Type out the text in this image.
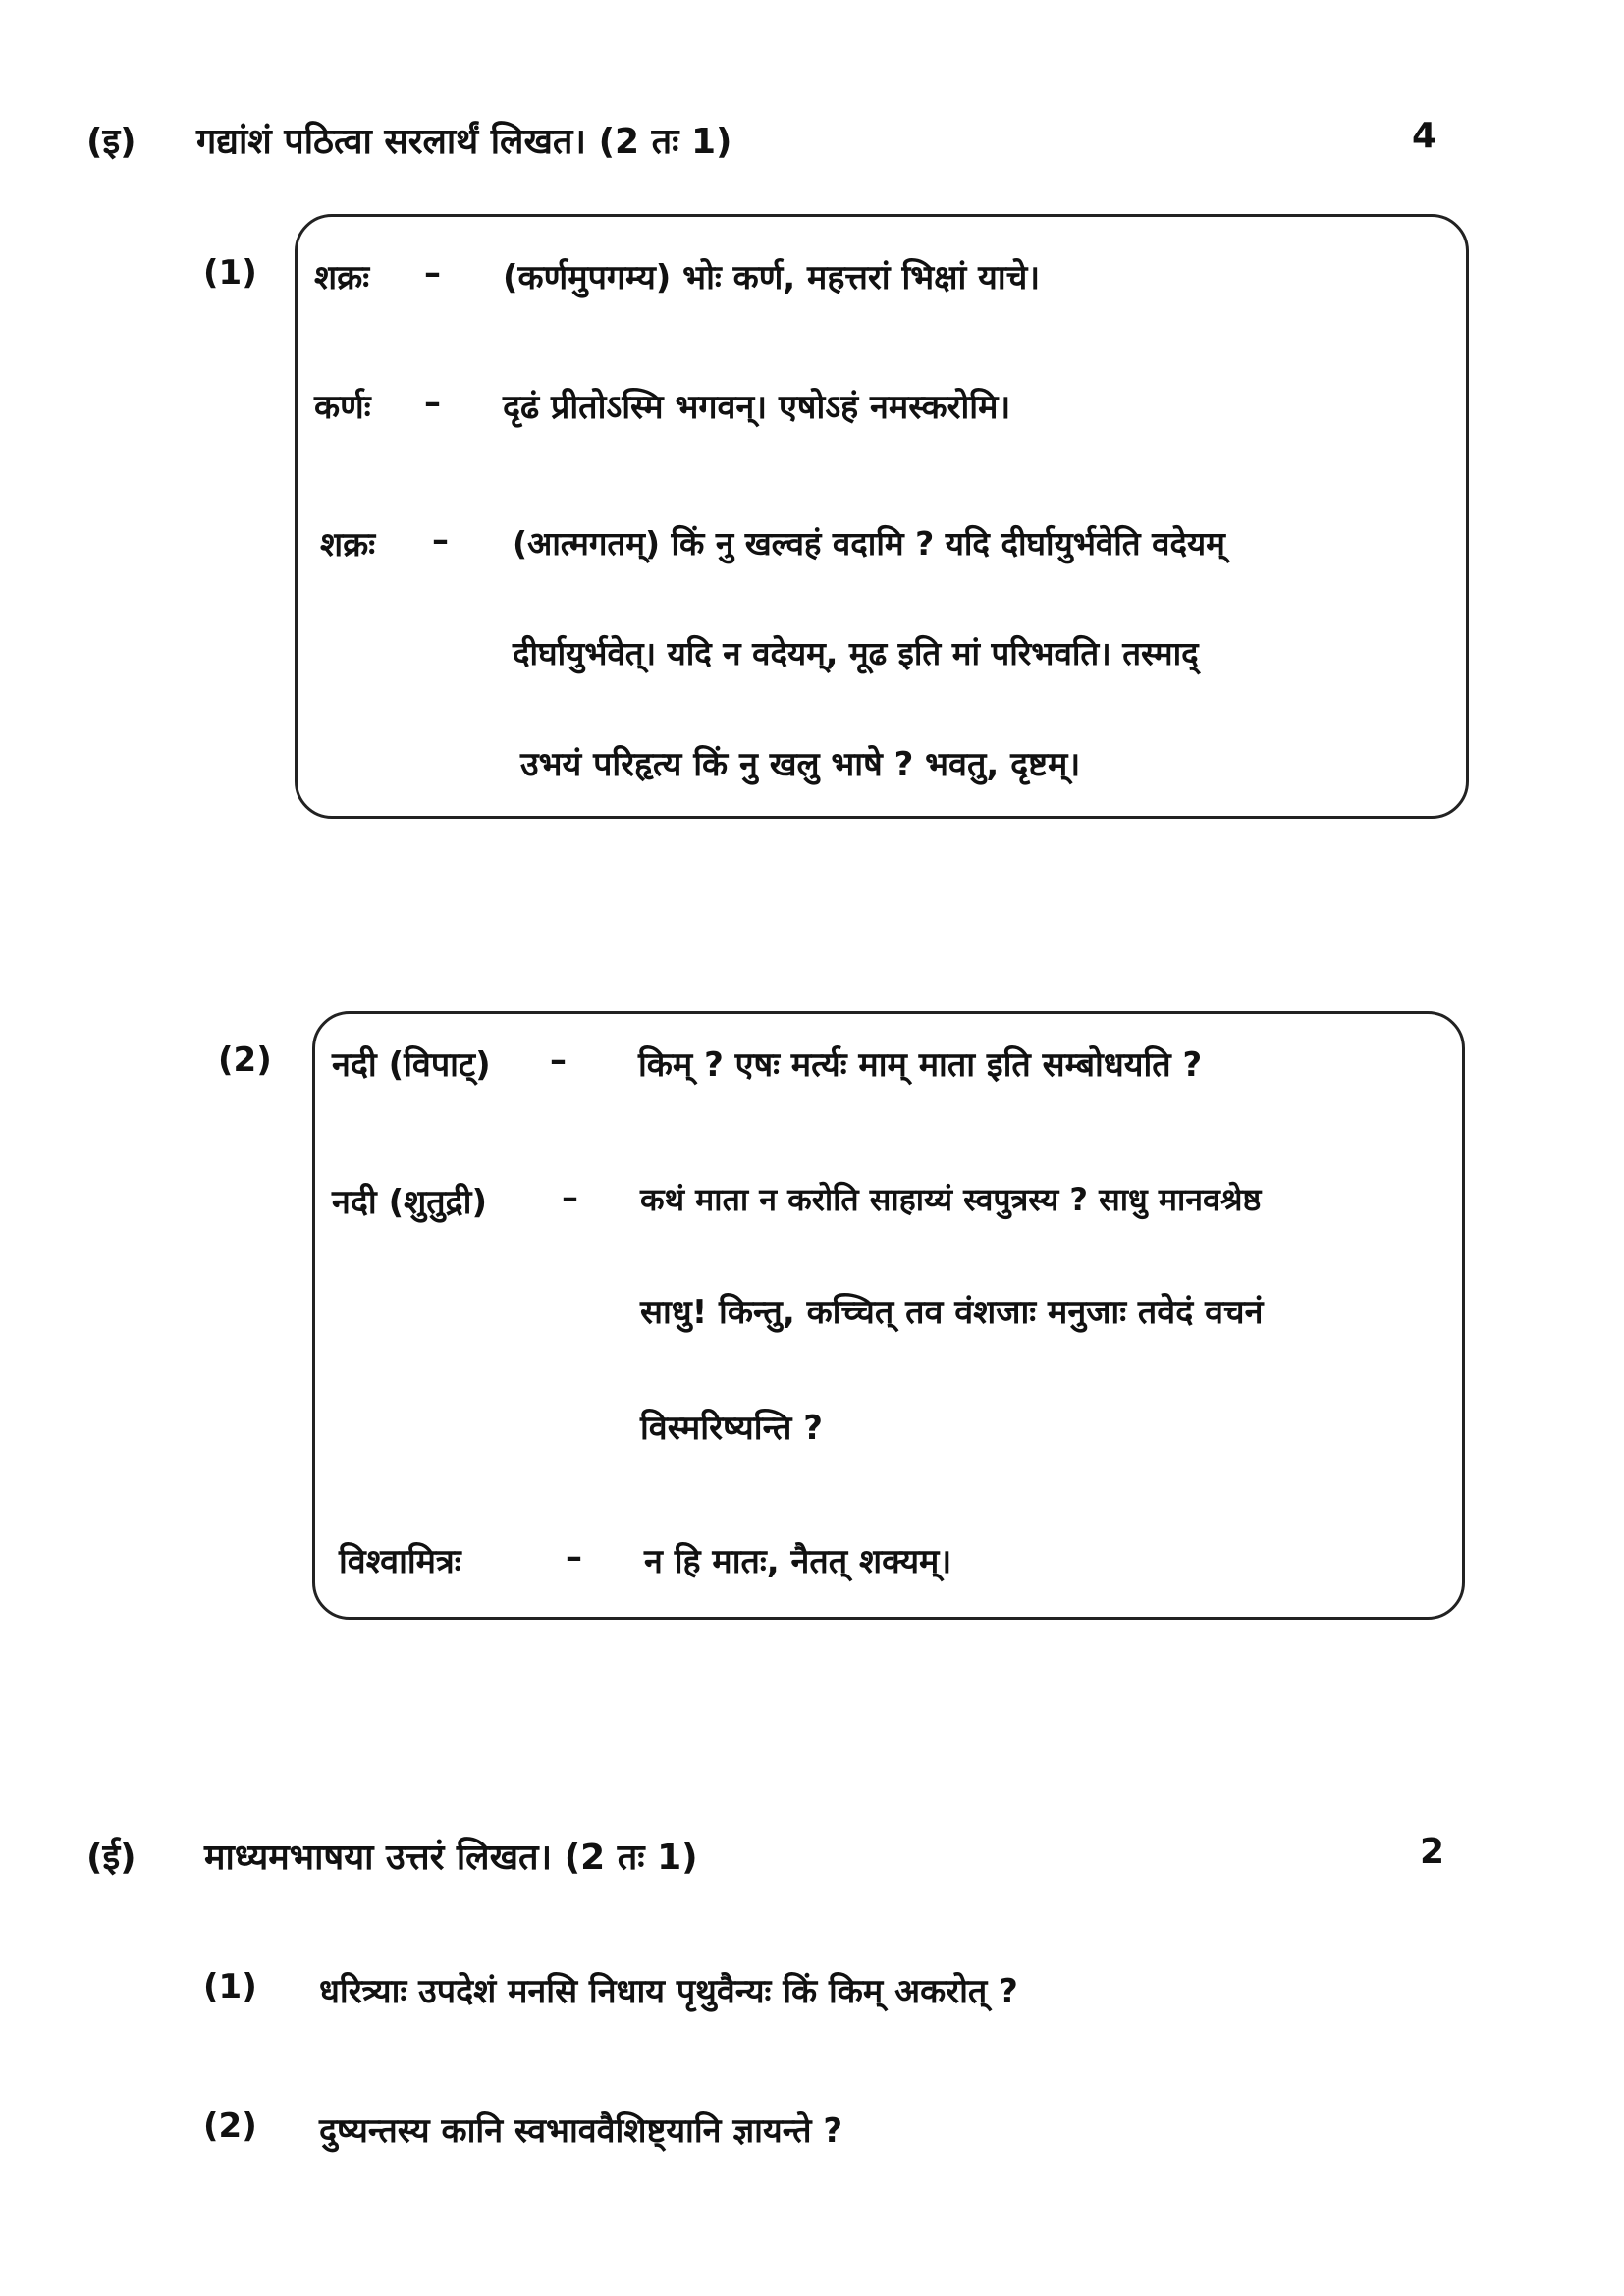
(इ) गद्यांशं पठित्वा सरलार्थं लिखत। (2 तः 1)	4
(1) शक्रः – (कर्णमुपगम्य) भोः कर्ण, महत्तरां भिक्षां याचे।
कर्णः – दृढं प्रीतोऽस्मि भगवन्। एषोऽहं नमस्करोमि।
शक्रः – (आत्मगतम्) किं नु खल्वहं वदामि ? यदि दीर्घायुर्भवेति वदेयम्
दीर्घायुर्भवेत्। यदि न वदेयम्, मूढ इति मां परिभवति। तस्माद्
उभयं परिहृत्य किं नु खलु भाषे ? भवतु, दृष्टम्।
(2) नदी (विपाट्) – किम् ? एषः मर्त्यः माम् माता इति सम्बोधयति ?
नदी (शुतुद्री) – कथं माता न करोति साहाय्यं स्वपुत्रस्य ? साधु मानवश्रेष्ठ
साधु! किन्तु, कच्चित् तव वंशजाः मनुजाः तवेदं वचनं
विस्मरिष्यन्ति ?
विश्वामित्रः	– न हि मातः, नैतत् शक्यम्।
(ई) माध्यमभाषया उत्तरं लिखत। (2 तः 1)	2
(1) धरित्र्याः उपदेशं मनसि निधाय पृथुवैन्यः किं किम् अकरोत् ?
(2) दुष्यन्तस्य कानि स्वभाववैशिष्ट्यानि ज्ञायन्ते ?
